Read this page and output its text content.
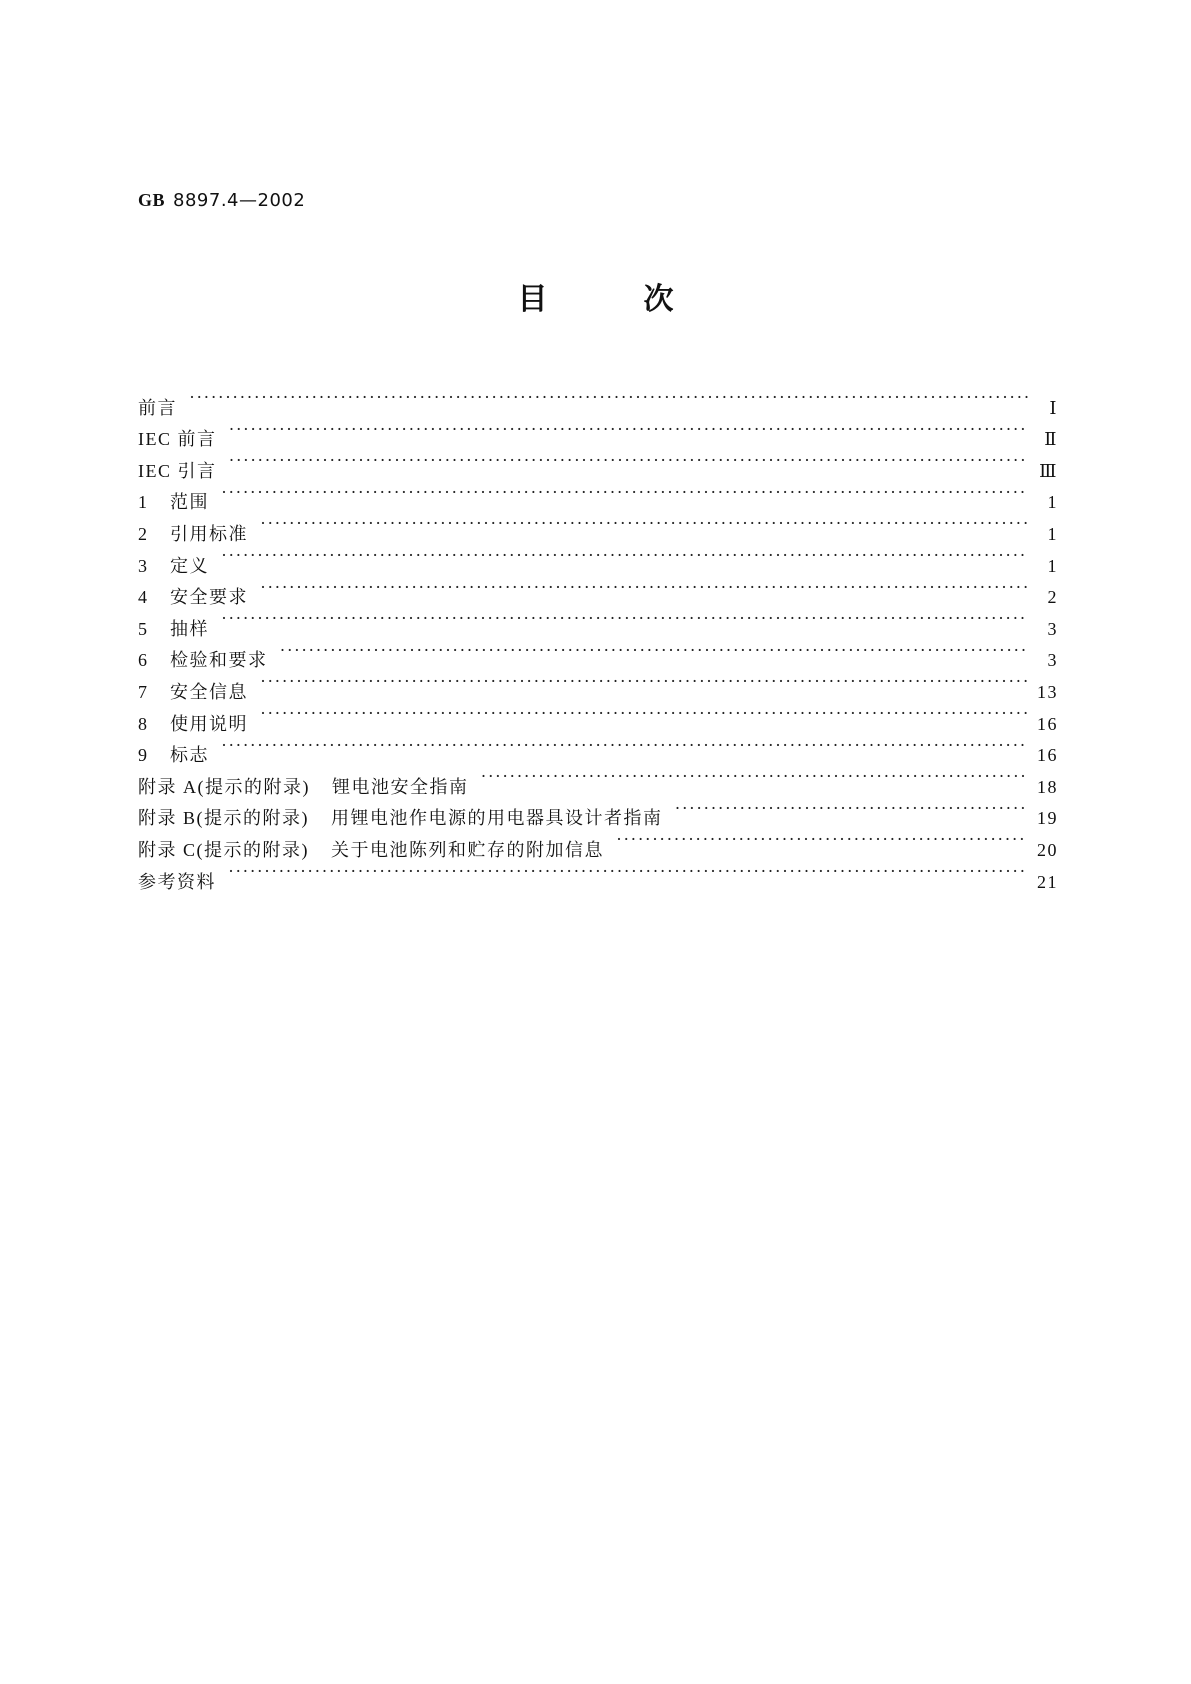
GB 8897.4—2002
目次
前言 ·····	Ⅰ
IEC 前言 ·····	Ⅱ
IEC 引言 ·····	Ⅲ
1	范围 ·····	1
2	引用标准 ·····	1
3	定义 ·····	1
4	安全要求 ·····	2
5	抽样 ·····	3
6	检验和要求 ·····	3
7	安全信息 ·····	13
8	使用说明 ·····	16
9	标志 ·····	16
附录 A(提示的附录) 锂电池安全指南 ·····	18
附录 B(提示的附录) 用锂电池作电源的用电器具设计者指南 ·····	19
附录 C(提示的附录) 关于电池陈列和贮存的附加信息 ·····	20
参考资料 ·····	21
